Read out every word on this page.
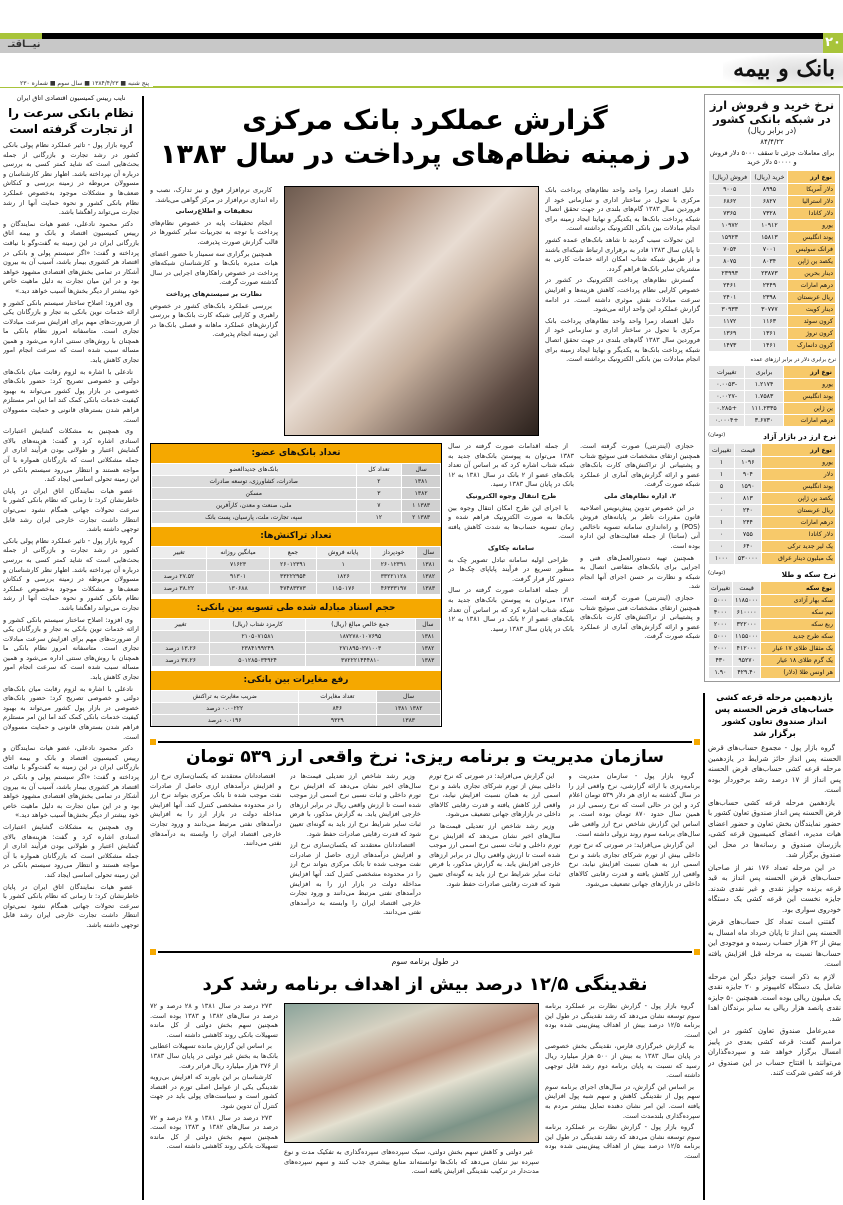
۲۰
نیــاقتـ
بانک و بیمه
پنج شنبه ■ ۱۳۸۴/۴/۲۳ ■ سال سوم ■ شماره ۲۳۰
نایب رییس کمیسیون اقتصادی اتاق ایران
نظام بانکی سرعت را از تجارت گرفته است

گروه بازار پول - تاثیر عملکرد نظام پولی بانکی کشور در رشد تجارت و بازرگانی از جمله بحث‌هایی است که شاید کمتر کسی به بررسی درباره آن نپرداخته باشد. اظهار نظر کارشناسان و مسوولان مربوطه در زمینه بررسی و کنکاش ضعف‌ها و مشکلات موجود به‌خصوص عملکرد نظام بانکی کشور و نحوه حمایت آنها از رشد تجارت می‌تواند راهگشا باشد.

دکتر محمود نادعلی، عضو هیات نمایندگان و رییس کمیسیون اقتصاد و بانک و بیمه اتاق بازرگانی ایران در این زمینه به گفت‌وگو با نیاقت پرداخته و گفت: «اگر سیستم پولی و بانکی در اقتصاد هر کشوری بیمار باشد، آسیب آن به بیرون آشکار در تمامی بخش‌های اقتصادی مشهود خواهد بود و در این میان تجارت به دلیل ماهیت خاص خود بیشتر از دیگر بخش‌ها آسیب خواهد دید.»

وی افزود: اصلاح ساختار سیستم بانکی کشور و ارائه خدمات نوین بانکی به تجار و بازرگانان یکی از ضرورت‌های مهم برای افزایش سرعت مبادلات تجاری است. متاسفانه امروز نظام بانکی ما همچنان با روش‌های سنتی اداره می‌شود و همین مساله سبب شده است که سرعت انجام امور تجاری کاهش یابد.

نادعلی با اشاره به لزوم رقابت میان بانک‌های دولتی و خصوصی تصریح کرد: حضور بانک‌های خصوصی در بازار پول کشور می‌تواند به بهبود کیفیت خدمات بانکی کمک کند اما این امر مستلزم فراهم شدن بسترهای قانونی و حمایت مسوولان است.

وی همچنین به مشکلات گشایش اعتبارات اسنادی اشاره کرد و گفت: هزینه‌های بالای گشایش اعتبار و طولانی بودن فرآیند اداری از جمله مشکلاتی است که بازرگانان همواره با آن مواجه هستند و انتظار می‌رود سیستم بانکی در این زمینه تحولی اساسی ایجاد کند.

عضو هیات نمایندگان اتاق ایران در پایان خاطرنشان کرد: تا زمانی که نظام بانکی کشور با سرعت تحولات جهانی همگام نشود نمی‌توان انتظار داشت تجارت خارجی ایران رشد قابل توجهی داشته باشد.

گروه بازار پول - تاثیر عملکرد نظام پولی بانکی کشور در رشد تجارت و بازرگانی از جمله بحث‌هایی است که شاید کمتر کسی به بررسی درباره آن نپرداخته باشد. اظهار نظر کارشناسان و مسوولان مربوطه در زمینه بررسی و کنکاش ضعف‌ها و مشکلات موجود به‌خصوص عملکرد نظام بانکی کشور و نحوه حمایت آنها از رشد تجارت می‌تواند راهگشا باشد.

وی افزود: اصلاح ساختار سیستم بانکی کشور و ارائه خدمات نوین بانکی به تجار و بازرگانان یکی از ضرورت‌های مهم برای افزایش سرعت مبادلات تجاری است. متاسفانه امروز نظام بانکی ما همچنان با روش‌های سنتی اداره می‌شود و همین مساله سبب شده است که سرعت انجام امور تجاری کاهش یابد.

نادعلی با اشاره به لزوم رقابت میان بانک‌های دولتی و خصوصی تصریح کرد: حضور بانک‌های خصوصی در بازار پول کشور می‌تواند به بهبود کیفیت خدمات بانکی کمک کند اما این امر مستلزم فراهم شدن بسترهای قانونی و حمایت مسوولان است.

دکتر محمود نادعلی، عضو هیات نمایندگان و رییس کمیسیون اقتصاد و بانک و بیمه اتاق بازرگانی ایران در این زمینه به گفت‌وگو با نیاقت پرداخته و گفت: «اگر سیستم پولی و بانکی در اقتصاد هر کشوری بیمار باشد، آسیب آن به بیرون آشکار در تمامی بخش‌های اقتصادی مشهود خواهد بود و در این میان تجارت به دلیل ماهیت خاص خود بیشتر از دیگر بخش‌ها آسیب خواهد دید.»

وی همچنین به مشکلات گشایش اعتبارات اسنادی اشاره کرد و گفت: هزینه‌های بالای گشایش اعتبار و طولانی بودن فرآیند اداری از جمله مشکلاتی است که بازرگانان همواره با آن مواجه هستند و انتظار می‌رود سیستم بانکی در این زمینه تحولی اساسی ایجاد کند.

عضو هیات نمایندگان اتاق ایران در پایان خاطرنشان کرد: تا زمانی که نظام بانکی کشور با سرعت تحولات جهانی همگام نشود نمی‌توان انتظار داشت تجارت خارجی ایران رشد قابل توجهی داشته باشد.

گزارش عملکرد بانک مرکزی
در زمینه نظام‌های پرداخت در سال ۱۳۸۳

دلیل اقتصاد زمرا واحد واحد نظام‌های پرداخت بانک مرکزی با تحول در ساختار اداری و سازمانی خود از فروردین سال ۱۳۸۳ گام‌های بلندی در جهت تحقق اتصال شبکه پرداخت بانک‌ها به یکدیگر و نهایتا ایجاد زمینه برای انجام مبادلات بین بانکی الکترونیک برداشته است.

این تحولات سبب گردید تا شاهد بانک‌های عمده کشور تا پایان سال ۱۳۸۳ قادر به برقراری ارتباط شبکه‌ای باشند و از طریق شبکه شتاب امکان ارائه خدمات کارتی به مشتریان سایر بانک‌ها فراهم گردد.

گسترش نظام‌های پرداخت الکترونیک در کشور در خصوص کارایی نظام پرداخت، کاهش هزینه‌ها و افزایش سرعت مبادلات نقش موثری داشته است. در ادامه گزارش عملکرد این واحد ارائه می‌شود.

دلیل اقتصاد زمرا واحد واحد نظام‌های پرداخت بانک مرکزی با تحول در ساختار اداری و سازمانی خود از فروردین سال ۱۳۸۳ گام‌های بلندی در جهت تحقق اتصال شبکه پرداخت بانک‌ها به یکدیگر و نهایتا ایجاد زمینه برای انجام مبادلات بین بانکی الکترونیک برداشته است.

کاربری نرم‌افزار فوق و نیز تدارک، نصب و راه اندازی نرم‌افزار در مرکز گواهی می‌باشد.

تحقیقات و اطلاع‌رسانی

انجام تحقیقات پایه در خصوص نظام‌های پرداخت با توجه به تجربیات سایر کشورها در قالب گزارش صورت پذیرفت.

همچنین برگزاری سه سمینار با حضور اعضای هیات مدیره بانک‌ها و کارشناسان شبکه‌های پرداخت در خصوص راهکارهای اجرایی در سال گذشته صورت گرفت.

نظارت بر سیستم‌های پرداخت

بررسی عملکرد بانک‌های کشور در خصوص راهبری و کارایی شبکه کارت بانک‌ها و بررسی گزارش‌های عملکرد ماهانه و فصلی بانک‌ها در این زمینه انجام پذیرفت.

حجازی (اینترنتی) صورت گرفته است. همچنین ارتقای مشخصات فنی سوئیچ شتاب و پشتیبانی از تراکنش‌های کارت بانک‌های عضو و ارائه گزارش‌های آماری از عملکرد شبکه صورت گرفت.

۲. اداره نظام‌های ملی

در این خصوص تدوین پیش‌نویس اصلاحیه قانون مقررات ناظر بر پایانه‌های فروش (POS) و راه‌اندازی سامانه تسویه ناخالص آنی (ساتنا) از جمله فعالیت‌های این اداره بوده است.

همچنین تهیه دستورالعمل‌های فنی و اجرایی برای بانک‌های متقاضی اتصال به شبکه و نظارت بر حسن اجرای آنها انجام شد.

حجازی (اینترنتی) صورت گرفته است. همچنین ارتقای مشخصات فنی سوئیچ شتاب و پشتیبانی از تراکنش‌های کارت بانک‌های عضو و ارائه گزارش‌های آماری از عملکرد شبکه صورت گرفت.

از جمله اقدامات صورت گرفته در سال ۱۳۸۳ می‌توان به پیوستن بانک‌های جدید به شبکه شتاب اشاره کرد که بر اساس آن تعداد بانک‌های عضو از ۲ بانک در سال ۱۳۸۱ به ۱۲ بانک در پایان سال ۱۳۸۳ رسید.

طرح انتقال وجوه الکترونیک

با اجرای این طرح امکان انتقال وجوه بین بانک‌ها به صورت الکترونیک فراهم شده و زمان تسویه حساب‌ها به شدت کاهش یافته است.

سامانه چکاوک

طراحی اولیه سامانه تبادل تصویر چک به منظور تسریع در فرآیند پایاپای چک‌ها در دستور کار قرار گرفت.

از جمله اقدامات صورت گرفته در سال ۱۳۸۳ می‌توان به پیوستن بانک‌های جدید به شبکه شتاب اشاره کرد که بر اساس آن تعداد بانک‌های عضو از ۲ بانک در سال ۱۳۸۱ به ۱۲ بانک در پایان سال ۱۳۸۳ رسید.

تعداد بانک‌های عضو:
سال	تعداد کل	بانک‌های جدیدالعضو
۱۳۸۱	۲	صادرات، کشاورزی، توسعه صادرات
۱۳۸۲	۳	مسکن
۱۳۸۳ ۱	۷	ملی، صنعت و معدن، کارآفرین
۱۳۸۳ ۲	۱۲	سپه، تجارت، ملت، پارسیان، پست بانک
تعداد تراکنش‌ها:
سال	خودپرداز	پایانه فروش	جمع	میانگین روزانه	تغییر
۱۳۸۱	۲۶۰۱۲۳۹۱	۱	۲۶۰۱۲۳۹۱	۷۱۶۲۳	
۱۳۸۲	۳۳۲۲۱۱۲۸	۱۸۲۶	۳۳۲۲۲۹۵۴	۹۱۳۰۱	۲۷.۵۲ درصد
۱۳۸۳	۴۶۳۳۳۱۹۷	۱۱۵۰۱۷۶	۴۷۴۸۳۳۷۳	۱۳۰۶۸۸	۳۸.۲۲ درصد
حجم اسناد مبادله شده طی تسویه بین بانکی:
سال	جمع خالص مبالغ (ریال)	کارمزد شتاب (ریال)	تغییر
۱۳۸۱	۱۸۷۲۷۸۰۱۰۷۶۹۵	۲۱۰۵۰۷۱۵۸۱	
۱۳۸۲	۲۷۱۸۹۵۰۲۷۱۰۰۳	۲۳۸۴۱۹۹۲۴۹	۱۳.۲۶ درصد
۱۳۸۳	۳۷۲۲۲۱۴۴۴۸۱۰	۵۰۱۲۸۵۰۳۴۹۲۴	۳۷.۲۶ درصد
رفع مغایرات بین بانکی:
سال	تعداد مغایرات	ضریب مغایرت به تراکنش
۱۳۸۲ ۱۳۸۱	۸۴۶	۰.۰۰۲۲۲ درصد
۱۳۸۳	۹۳۲۹	۰.۰۱۹۶ درصد
سازمان مدیریت و برنامه ریزی: نرخ واقعی ارز ۵۳۹ تومان

گروه بازار پول - سازمان مدیریت و برنامه‌ریزی با ارائه گزارشی، نرخ واقعی ارز را در سال گذشته به ازای هر دلار ۵۳۹ تومان اعلام کرد و این در حالی است که نرخ رسمی ارز در همین سال حدود ۸۷۰ تومان بوده است. بر اساس این گزارش شاخص نرخ ارز واقعی طی سال‌های برنامه سوم روند نزولی داشته است.

این گزارش می‌افزاید: در صورتی که نرخ تورم داخلی بیش از تورم شرکای تجاری باشد و نرخ اسمی ارز به همان نسبت افزایش نیابد، نرخ واقعی ارز کاهش یافته و قدرت رقابتی کالاهای داخلی در بازارهای جهانی تضعیف می‌شود.

این گزارش می‌افزاید: در صورتی که نرخ تورم داخلی بیش از تورم شرکای تجاری باشد و نرخ اسمی ارز به همان نسبت افزایش نیابد، نرخ واقعی ارز کاهش یافته و قدرت رقابتی کالاهای داخلی در بازارهای جهانی تضعیف می‌شود.

وزیر رشد شاخص ارز تعدیلی قیمت‌ها در سال‌های اخیر نشان می‌دهد که افزایش نرخ تورم داخلی و ثبات نسبی نرخ اسمی ارز موجب شده است تا ارزش واقعی ریال در برابر ارزهای خارجی افزایش یابد. به گزارش مذکور، با فرض ثبات سایر شرایط نرخ ارز باید به گونه‌ای تعیین شود که قدرت رقابتی صادرات حفظ شود.

وزیر رشد شاخص ارز تعدیلی قیمت‌ها در سال‌های اخیر نشان می‌دهد که افزایش نرخ تورم داخلی و ثبات نسبی نرخ اسمی ارز موجب شده است تا ارزش واقعی ریال در برابر ارزهای خارجی افزایش یابد. به گزارش مذکور، با فرض ثبات سایر شرایط نرخ ارز باید به گونه‌ای تعیین شود که قدرت رقابتی صادرات حفظ شود.

اقتصاددانان معتقدند که یکسان‌سازی نرخ ارز و افزایش درآمدهای ارزی حاصل از صادرات نفت موجب شده تا بانک مرکزی بتواند نرخ ارز را در محدوده مشخصی کنترل کند. آنها افزایش مداخله دولت در بازار ارز را به افزایش درآمدهای نفتی مرتبط می‌دانند و ورود تجارت خارجی اقتصاد ایران را وابسته به درآمدهای نفتی می‌دانند.

اقتصاددانان معتقدند که یکسان‌سازی نرخ ارز و افزایش درآمدهای ارزی حاصل از صادرات نفت موجب شده تا بانک مرکزی بتواند نرخ ارز را در محدوده مشخصی کنترل کند. آنها افزایش مداخله دولت در بازار ارز را به افزایش درآمدهای نفتی مرتبط می‌دانند و ورود تجارت خارجی اقتصاد ایران را وابسته به درآمدهای نفتی می‌دانند.

در طول برنامه سوم
نقدینگی ۱۲/۵ درصد بیش از اهداف برنامه رشد کرد

گروه بازار پول - گزارش نظارت بر عملکرد برنامه سوم توسعه نشان می‌دهد که رشد نقدینگی در طول این برنامه ۱۲/۵ درصد بیش از اهداف پیش‌بینی شده بوده است.

به گزارش خبرگزاری فارس، نقدینگی بخش خصوصی در پایان سال ۱۳۸۳ به بیش از ۵۰۰ هزار میلیارد ریال رسید که نسبت به پایان برنامه دوم رشد قابل توجهی داشته است.

بر اساس این گزارش، در سال‌های اجرای برنامه سوم سهم پول از نقدینگی کاهش و سهم شبه پول افزایش یافته است. این امر نشان دهنده تمایل بیشتر مردم به سپرده‌گذاری بلندمدت است.

گروه بازار پول - گزارش نظارت بر عملکرد برنامه سوم توسعه نشان می‌دهد که رشد نقدینگی در طول این برنامه ۱۲/۵ درصد بیش از اهداف پیش‌بینی شده بوده است.

غیر دولتی و کاهش سهم بخش دولتی، سبک سپرده‌های سپرده‌گذاری به تفکیک مدت و نوع سپرده نیز نشان می‌دهد که بانک‌ها توانسته‌اند منابع بیشتری جذب کنند و سهم سپرده‌های مدت‌دار در ترکیب نقدینگی افزایش یافته است.

۲۷۳ درصد در سال ۱۳۸۱ و ۲۸ درصد و ۷۲ درصد در سال‌های ۱۳۸۲ و ۱۳۸۳ بوده است. همچنین سهم بخش دولتی از کل مانده تسهیلات بانکی روند کاهشی داشته است.

بر اساس این گزارش مانده تسهیلات اعطایی بانک‌ها به بخش غیر دولتی در پایان سال ۱۳۸۳ از ۳۷۶ هزار میلیارد ریال فراتر رفت.

کارشناسان بر این باورند که افزایش بی‌رویه نقدینگی یکی از عوامل اصلی تورم در اقتصاد کشور است و سیاست‌های پولی باید در جهت کنترل آن تدوین شود.

۲۷۳ درصد در سال ۱۳۸۱ و ۲۸ درصد و ۷۲ درصد در سال‌های ۱۳۸۲ و ۱۳۸۳ بوده است. همچنین سهم بخش دولتی از کل مانده تسهیلات بانکی روند کاهشی داشته است.

نرخ خرید و فروش ارز در شبکه بانکی کشور
(در برابر ریال)
۸۴/۴/۲۲
برای معاملات جزئی تا سقف ۵۰۰۰ دلار فروش و ۵۰۰۰۰ دلار خرید
نوع ارز	خرید (ریال)	فروش (ریال)
دلار آمریکا	۸۹۹۵	۹۰۰۵
دلار استرالیا	۶۸۲۷	۶۸۶۲
دلار کانادا	۷۳۲۸	۷۳۶۵
یورو	۱۰۹۱۲	۱۰۹۷۲
پوند انگلیس	۱۵۸۱۳	۱۵۹۲۳
فرانک سوئیس	۷۰۰۱	۷۰۵۴
یکصد ین ژاپن	۸۰۳۴	۸۰۷۵
دینار بحرین	۲۳۸۷۳	۲۳۹۹۳
درهم امارات	۲۴۴۹	۲۴۶۱
ریال عربستان	۲۳۹۸	۲۴۰۱
دینار کویت	۳۰۷۷۷	۳۰۹۳۳
کرون سوئد	۱۱۶۳	۱۱۷۲
کرون نروژ	۱۳۶۱	۱۳۶۹
کرون دانمارک	۱۴۶۱	۱۴۷۳
نرخ برابری دلار در برابر ارزهای عمده
نوع ارز	برابری	تغییرات
یورو	۱.۲۱۷۴	-۰.۰۰۵۳
پوند انگلیس	۱.۷۵۸۳	-۰.۰۰۲۷
ین ژاپن	۱۱۱.۲۳۳۵	+۰.۲۸۵
درهم امارات	۳.۶۷۳۰	+۰.۰۰۰۴
نرخ ارز در بازار آزاد
(تومان)
نوع ارز	قیمت	تغییرات
یورو	۱۰۹۶	۱
دلار	۹۰۴	۱
پوند انگلیس	۱۵۹۰	۵
یکصد ین ژاپن	۸۱۳	۰
ریال عربستان	۲۴۰	۰
درهم امارات	۲۴۴	۱
دلار کانادا	۷۵۵	۰
یک لیر جدید ترکی	۶۴۰	۰
یک میلیون دینار عراق	۵۳۰۰۰۰	۱۰۰۰
نرخ سکه و طلا
(تومان)
نوع سکه	قیمت	تغییرات
سکه بهار آزادی	۱۱۸۵۰۰۰	۵۰۰۰
نیم سکه	۶۱۰۰۰۰	۴۰۰۰
ربع سکه	۳۲۲۰۰۰	۲۰۰۰
سکه طرح جدید	۱۱۵۵۰۰۰	۵۰۰۰
یک مثقال طلای ۱۷ عیار	۴۱۲۰۰۰	۲۰۰۰
یک گرم طلای ۱۸ عیار	۹۵۲۷۰	۴۳۰
هر اونس طلا (دلار)	۴۲۹.۴۰	۱.۹۰
یازدهمین مرحله قرعه کشی حساب‌های قرض الحسنه پس انداز صندوق تعاون کشور برگزار شد

گروه بازار پول - مجموع حساب‌های قرض الحسنه پس انداز حائز شرایط در یازدهمین مرحله قرعه کشی حساب‌های قرض الحسنه پس انداز از ۱۷ درصد رشد برخوردار بوده است.

یازدهمین مرحله قرعه کشی حساب‌های قرض الحسنه پس انداز صندوق تعاون کشور با حضور نمایندگان بخش تعاون و حضور اعضای هیات مدیره، اعضای کمیسیون قرعه کشی، بازرسان صندوق و رسانه‌ها در محل این صندوق برگزار شد.

در این مرحله تعداد ۱۷۶ نفر از صاحبان حساب‌های قرض الحسنه پس انداز به قید قرعه برنده جوایز نقدی و غیر نقدی شدند. جایزه نخست این قرعه کشی یک دستگاه خودروی سواری بود.

گفتنی است تعداد کل حساب‌های قرض الحسنه پس انداز تا پایان خرداد ماه امسال به بیش از ۶۲ هزار حساب رسیده و موجودی این حساب‌ها نسبت به مرحله قبل افزایش یافته است.

لازم به ذکر است جوایز دیگر این مرحله شامل یک دستگاه کامپیوتر و ۲۰ جایزه نقدی یک میلیون ریالی بوده است. همچنین ۵۰ جایزه نقدی پانصد هزار ریالی به سایر برندگان اهدا شد.

مدیرعامل صندوق تعاون کشور در این مراسم گفت: قرعه کشی بعدی در پاییز امسال برگزار خواهد شد و سپرده‌گذاران می‌توانند با افتتاح حساب در این صندوق در قرعه کشی شرکت کنند.
